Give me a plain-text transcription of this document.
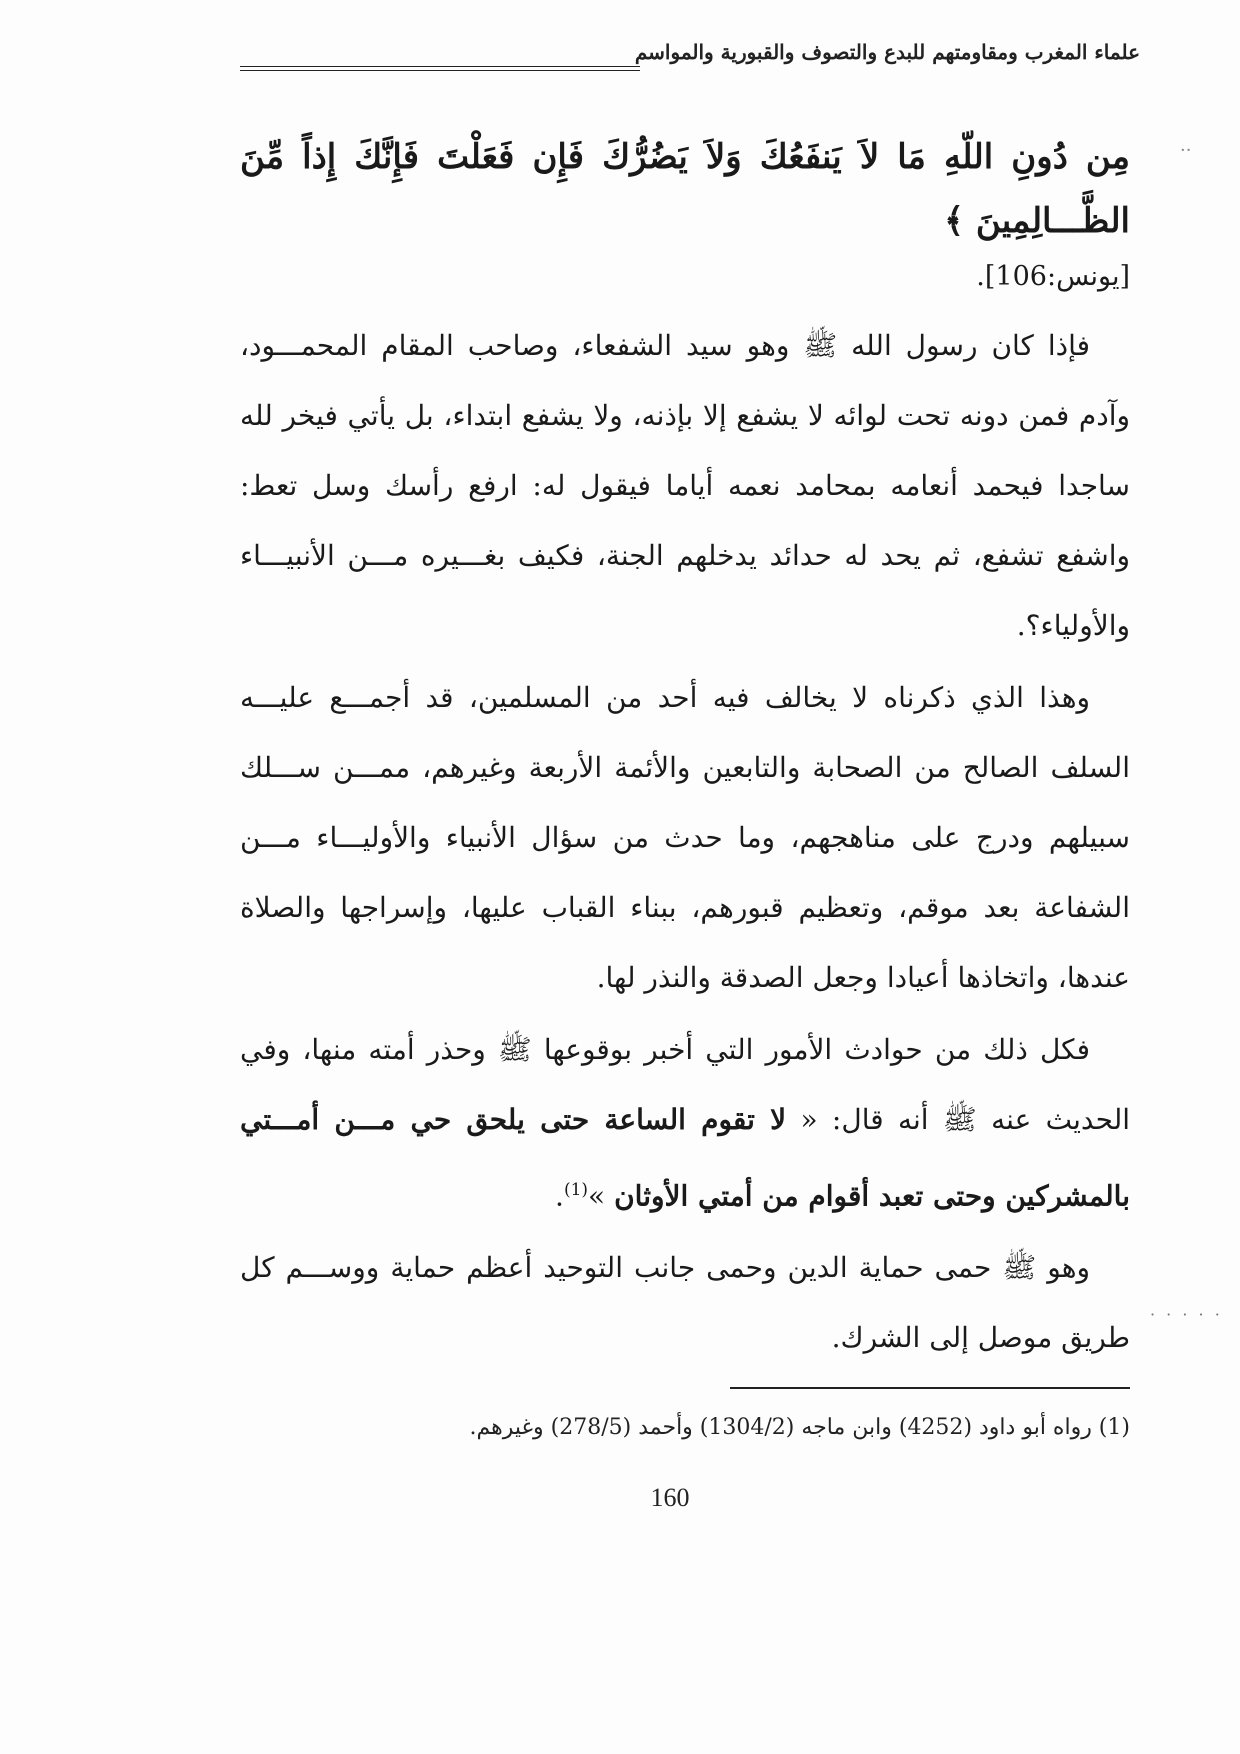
علماء المغرب ومقاومتهم للبدع والتصوف والقبورية والمواسم
··

مِن دُونِ اللّهِ مَا لاَ يَنفَعُكَ وَلاَ يَضُرُّكَ فَإِن فَعَلْتَ فَإِنَّكَ إِذاً مِّنَ الظَّـــالِمِينَ ﴾

[يونس:106].

فإذا كان رسول الله ﷺ وهو سيد الشفعاء، وصاحب المقام المحمـــود، وآدم فمن دونه تحت لوائه لا يشفع إلا بإذنه، ولا يشفع ابتداء، بل يأتي فيخر لله ساجدا فيحمد أنعامه بمحامد نعمه أياما فيقول له: ارفع رأسك وسل تعط: واشفع تشفع، ثم يحد له حدائد يدخلهم الجنة، فكيف بغـــيره مـــن الأنبيـــاء والأولياء؟.

وهذا الذي ذكرناه لا يخالف فيه أحد من المسلمين، قد أجمـــع عليـــه السلف الصالح من الصحابة والتابعين والأئمة الأربعة وغيرهم، ممـــن ســـلك سبيلهم ودرج على مناهجهم، وما حدث من سؤال الأنبياء والأوليـــاء مـــن الشفاعة بعد موقم، وتعظيم قبورهم، ببناء القباب عليها، وإسراجها والصلاة عندها، واتخاذها أعيادا وجعل الصدقة والنذر لها.

فكل ذلك من حوادث الأمور التي أخبر بوقوعها ﷺ وحذر أمته منها، وفي الحديث عنه ﷺ أنه قال: « لا تقوم الساعة حتى يلحق حي مـــن أمـــتي بالمشركين وحتى تعبد أقوام من أمتي الأوثان »$^{(1)}$.

وهو ﷺ حمى حماية الدين وحمى جانب التوحيد أعظم حماية ووســـم كل طريق موصل إلى الشرك.

· · · · ·
(1) رواه أبو داود (4252) وابن ماجه (1304/2) وأحمد (278/5) وغيرهم.
160
